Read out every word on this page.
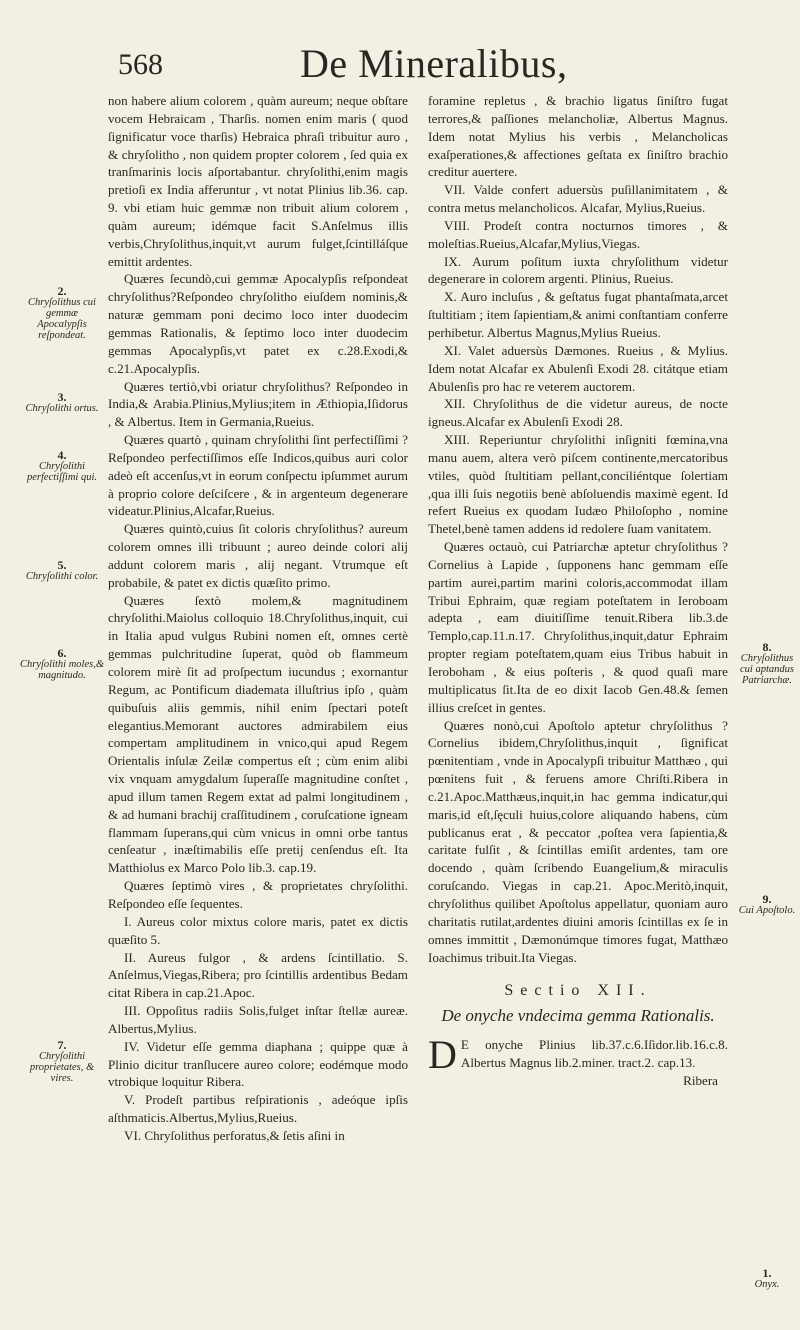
568	De Mineralibus,

non habere alium colorem , quàm aureum; neque obſtare vocem Hebraicam , Tharſis. nomen enim maris ( quod ſignificatur voce tharſis) Hebraica phraſi tribuitur auro , & chryſolitho , non quidem propter colorem , ſed quia ex tranſmarinis locis aſportabantur. chryſolithi,enim magis pretioſi ex India afferuntur , vt notat Plinius lib.36. cap. 9. vbi etiam huic gemmæ non tribuit alium colorem , quàm aureum; idémque facit S.Anſelmus illis verbis,Chryſolithus,inquit,vt aurum fulget,ſcintilláſque emittit ardentes.

Quæres ſecundò,cui gemmæ Apocalypſis reſpondeat chryſolithus?Reſpondeo chryſolitho eiuſdem nominis,& naturæ gemmam poni decimo loco inter duodecim gemmas Rationalis, & ſeptimo loco inter duodecim gemmas Apocalypſis,vt patet ex c.28.Exodi,& c.21.Apocalypſis.

Quæres tertiò,vbi oriatur chryſolithus? Reſpondeo in India,& Arabia.Plinius,Mylius;item in Æthiopia,Iſidorus , & Albertus. Item in Germania,Rueius.

Quæres quartò , quinam chryſolithi ſint perfectiſſimi ? Reſpondeo perfectiſſimos eſſe Indicos,quibus auri color adeò eſt accenſus,vt in eorum conſpectu ipſummet aurum à proprio colore deſciſcere , & in argenteum degenerare videatur.Plinius,Alcafar,Rueius.

Quæres quintò,cuius ſit coloris chryſolithus? aureum colorem omnes illi tribuunt ; aureo deinde colori alij addunt colorem maris , alij negant. Vtrumque eſt probabile, & patet ex dictis quæſito primo.

Quæres ſextò molem,& magnitudinem chryſolithi.Maiolus colloquio 18.Chryſolithus,inquit, cui in Italia apud vulgus Rubini nomen eſt, omnes certè gemmas pulchritudine ſuperat, quòd ob flammeum colorem mirè ſit ad proſpectum iucundus ; exornantur Regum, ac Pontificum diademata illuſtrius ipſo , quàm quibuſuis aliis gemmis, nihil enim ſpectari poteſt elegantius.Memorant auctores admirabilem eius compertam amplitudinem in vnico,qui apud Regem Orientalis inſulæ Zeilæ compertus eſt ; cùm enim alibi vix vnquam amygdalum ſuperaſſe magnitudine conſtet , apud illum tamen Regem extat ad palmi longitudinem , & ad humani brachij craſſitudinem , coruſcatione igneam flammam ſuperans,qui cùm vnicus in omni orbe tantus cenſeatur , inæſtimabilis eſſe pretij cenſendus eſt. Ita Matthiolus ex Marco Polo lib.3. cap.19.

Quæres ſeptimò vires , & proprietates chryſolithi. Reſpondeo eſſe ſequentes.

I. Aureus color mixtus colore maris, patet ex dictis quæſito 5.

II. Aureus fulgor , & ardens ſcintillatio. S. Anſelmus,Viegas,Ribera; pro ſcintillis ardentibus Bedam citat Ribera in cap.21.Apoc.

III. Oppoſitus radiis Solis,fulget inſtar ſtellæ aureæ. Albertus,Mylius.

IV. Videtur eſſe gemma diaphana ; quippe quæ à Plinio dicitur tranſlucere aureo colore; eodémque modo vtrobique loquitur Ribera.

V. Prodeſt partibus reſpirationis , adeóque ipſis aſthmaticis.Albertus,Mylius,Rueius.

VI. Chryſolithus perforatus,& ſetis aſini in

foramine repletus , & brachio ligatus ſiniſtro fugat terrores,& paſſiones melancholiæ, Albertus Magnus. Idem notat Mylius his verbis , Melancholicas exaſperationes,& affectiones geſtata ex ſiniſtro brachio creditur auertere.

VII. Valde confert aduersùs puſillanimitatem , & contra metus melancholicos. Alcafar, Mylius,Rueius.

VIII. Prodeſt contra nocturnos timores , & moleſtias.Rueius,Alcafar,Mylius,Viegas.

IX. Aurum poſitum iuxta chryſolithum videtur degenerare in colorem argenti. Plinius, Rueius.

X. Auro incluſus , & geſtatus fugat phantaſmata,arcet ſtultitiam ; item ſapientiam,& animi conſtantiam conferre perhibetur. Albertus Magnus,Mylius Rueius.

XI. Valet aduersùs Dæmones. Rueius , & Mylius. Idem notat Alcafar ex Abulenſi Exodi 28. citátque etiam Abulenſis pro hac re veterem auctorem.

XII. Chryſolithus de die videtur aureus, de nocte igneus.Alcafar ex Abulenſi Exodi 28.

XIII. Reperiuntur chryſolithi inſigniti fœmina,vna manu auem, altera verò piſcem continente,mercatoribus vtiles, quòd ſtultitiam pellant,conciliéntque ſolertiam ,qua illi ſuis negotiis benè abſoluendis maximè egent. Id refert Rueius ex quodam Iudæo Philoſopho , nomine Thetel,benè tamen addens id redolere ſuam vanitatem.

Quæres octauò, cui Patriarchæ aptetur chryſolithus ? Cornelius à Lapide , ſupponens hanc gemmam eſſe partim aurei,partim marini coloris,accommodat illam Tribui Ephraim, quæ regiam poteſtatem in Ieroboam adepta , eam diuitiſſime tenuit.Ribera lib.3.de Templo,cap.11.n.17. Chryſolithus,inquit,datur Ephraim propter regiam poteſtatem,quam eius Tribus habuit in Ieroboham , & eius poſteris , & quod quaſi mare multiplicatus ſit.Ita de eo dixit Iacob Gen.48.& ſemen illius creſcet in gentes.

Quæres nonò,cui Apoſtolo aptetur chryſolithus ? Cornelius ibidem,Chryſolithus,inquit , ſignificat pœnitentiam , vnde in Apocalypſi tribuitur Matthæo , qui pœnitens fuit , & feruens amore Chriſti.Ribera in c.21.Apoc.Matthæus,inquit,in hac gemma indicatur,qui maris,id eſt,ſęculi huius,colore aliquando habens, cùm publicanus erat , & peccator ,poſtea vera ſapientia,& caritate fulſit , & ſcintillas emiſit ardentes, tam ore docendo , quàm ſcribendo Euangelium,& miraculis coruſcando. Viegas in cap.21. Apoc.Meritò,inquit, chryſolithus quilibet Apoſtolus appellatur, quoniam auro charitatis rutilat,ardentes diuini amoris ſcintillas ex ſe in omnes immittit , Dæmonúmque timores fugat, Matthæo Ioachimus tribuit.Ita Viegas.

Sectio XII.
De onyche vndecima gemma Rationalis.

D E onyche Plinius lib.37.c.6.Iſidor.lib.16.c.8. Albertus Magnus lib.2.miner. tract.2. cap.13.

Ribera
2.
Chryſolithus cui gemmæ Apocalypſis reſpondeat.
3.
Chryſolithi ortus.
4.
Chryſolithi perfectiſſimi qui.
5.
Chryſolithi color.
6.
Chryſolithi moles,& magnitudo.
7.
Chryſolithi proprietates, & vires.
8.
Chryſolithus cui aptandus Patriarchæ.
9.
Cui Apoſtolo.
1.
Onyx.
